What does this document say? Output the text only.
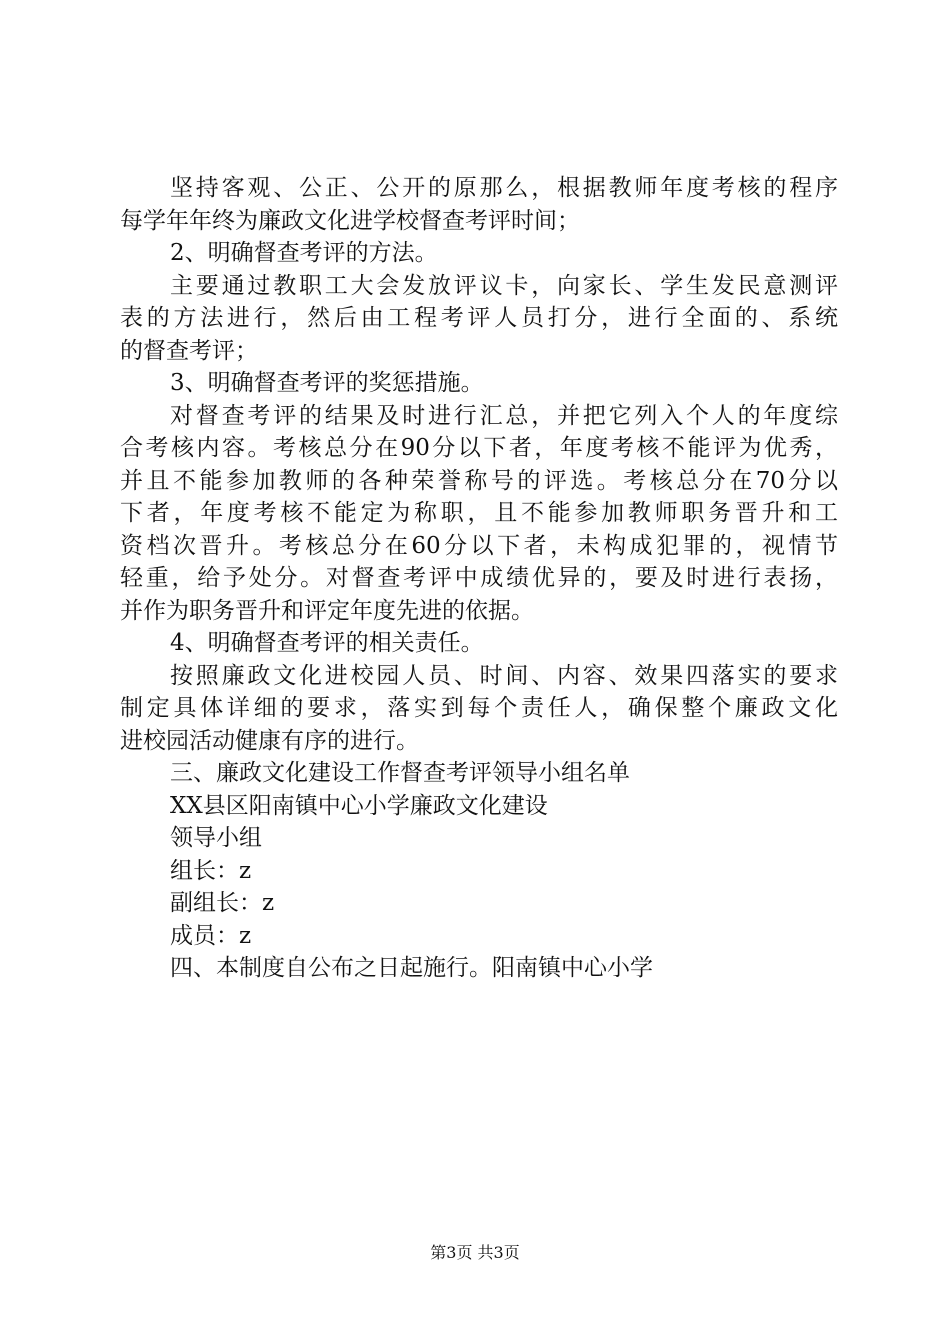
坚持客观、公正、公开的原那么，根据教师年度考核的程序
每学年年终为廉政文化进学校督查考评时间；
2、明确督查考评的方法。
主要通过教职工大会发放评议卡，向家长、学生发民意测评
表的方法进行，然后由工程考评人员打分，进行全面的、系统
的督查考评；
3、明确督查考评的奖惩措施。
对督查考评的结果及时进行汇总，并把它列入个人的年度综
合考核内容。考核总分在90分以下者，年度考核不能评为优秀，
并且不能参加教师的各种荣誉称号的评选。考核总分在70分以
下者，年度考核不能定为称职，且不能参加教师职务晋升和工
资档次晋升。考核总分在60分以下者，未构成犯罪的，视情节
轻重，给予处分。对督查考评中成绩优异的，要及时进行表扬，
并作为职务晋升和评定年度先进的依据。
4、明确督查考评的相关责任。
按照廉政文化进校园人员、时间、内容、效果四落实的要求
制定具体详细的要求，落实到每个责任人，确保整个廉政文化
进校园活动健康有序的进行。
三、廉政文化建设工作督查考评领导小组名单
XX县区阳南镇中心小学廉政文化建设
领导小组
组长：z
副组长：z
成员：z
四、本制度自公布之日起施行。阳南镇中心小学
第3页 共3页
